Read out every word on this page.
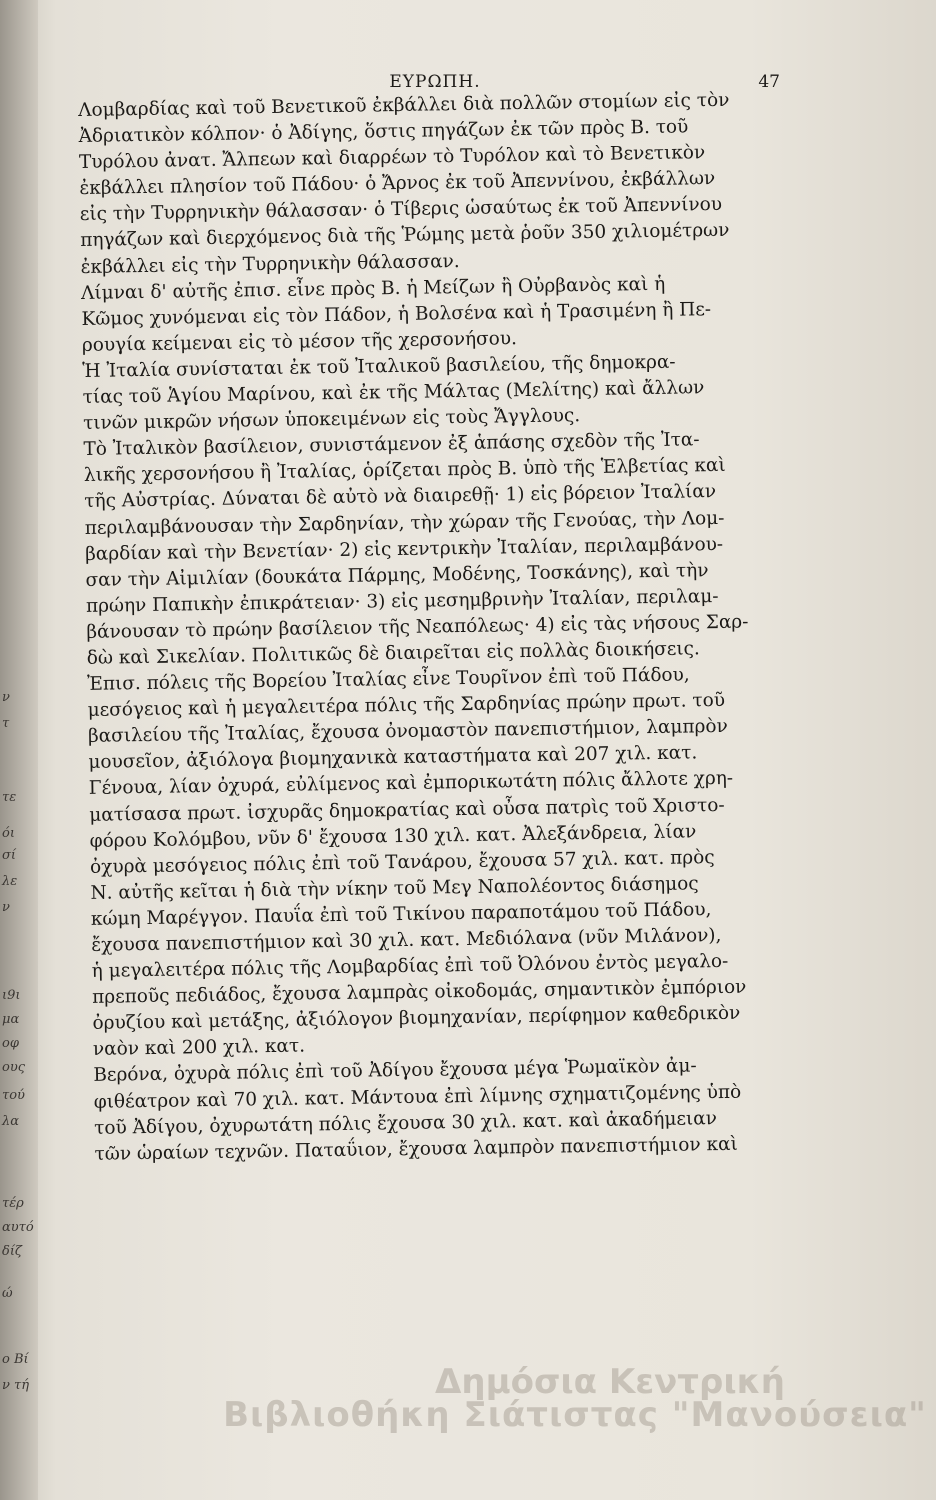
ν
τ
τε
όι
σί
λε
ν
ι9ι
μα
οφ
ους
τού
λα
τέρ
αυτό
δίζ
ώ
ο Βί
ν τή
ΕΥΡΩΠΗ.	47
Λομβαρδίας καὶ τοῦ Βενετικοῦ ἐκβάλλει διὰ πολλῶν στομίων εἰς τὸν
Ἀδριατικὸν κόλπον· ὁ Ἀδίγης, ὅστις πηγάζων ἐκ τῶν πρὸς Β. τοῦ
Τυρόλου ἀνατ. Ἄλπεων καὶ διαρρέων τὸ Τυρόλον καὶ τὸ Βενετικὸν
ἐκβάλλει πλησίον τοῦ Πάδου· ὁ Ἄρνος ἐκ τοῦ Ἀπεννίνου, ἐκβάλλων
εἰς τὴν Τυρρηνικὴν θάλασσαν· ὁ Τίβερις ὡσαύτως ἐκ τοῦ Ἀπεννίνου
πηγάζων καὶ διερχόμενος διὰ τῆς Ῥώμης μετὰ ῥοῦν 350 χιλιομέτρων
ἐκβάλλει εἰς τὴν Τυρρηνικὴν θάλασσαν.
Λίμναι δ' αὐτῆς ἐπισ. εἶνε πρὸς Β. ἡ Μείζων ἢ Οὐρβανὸς καὶ ἡ
Κῶμος χυνόμεναι εἰς τὸν Πάδον, ἡ Βολσένα καὶ ἡ Τρασιμένη ἢ Πε-
ρουγία κείμεναι εἰς τὸ μέσον τῆς χερσονήσου.
Ἡ Ἰταλία συνίσταται ἐκ τοῦ Ἰταλικοῦ βασιλείου, τῆς δημοκρα-
τίας τοῦ Ἁγίου Μαρίνου, καὶ ἐκ τῆς Μάλτας (Μελίτης) καὶ ἄλλων
τινῶν μικρῶν νήσων ὑποκειμένων εἰς τοὺς Ἄγγλους.
Τὸ Ἰταλικὸν βασίλειον, συνιστάμενον ἐξ ἁπάσης σχεδὸν τῆς Ἰτα-
λικῆς χερσονήσου ἢ Ἰταλίας, ὁρίζεται πρὸς Β. ὑπὸ τῆς Ἑλβετίας καὶ
τῆς Αὐστρίας. Δύναται δὲ αὐτὸ νὰ διαιρεθῇ· 1) εἰς βόρειον Ἰταλίαν
περιλαμβάνουσαν τὴν Σαρδηνίαν, τὴν χώραν τῆς Γενούας, τὴν Λομ-
βαρδίαν καὶ τὴν Βενετίαν· 2) εἰς κεντρικὴν Ἰταλίαν, περιλαμβάνου-
σαν τὴν Αἰμιλίαν (δουκάτα Πάρμης, Μοδένης, Τοσκάνης), καὶ τὴν
πρώην Παπικὴν ἐπικράτειαν· 3) εἰς μεσημβρινὴν Ἰταλίαν, περιλαμ-
βάνουσαν τὸ πρώην βασίλειον τῆς Νεαπόλεως· 4) εἰς τὰς νήσους Σαρ-
δὼ καὶ Σικελίαν. Πολιτικῶς δὲ διαιρεῖται εἰς πολλὰς διοικήσεις.
Ἐπισ. πόλεις τῆς Βορείου Ἰταλίας εἶνε Τουρῖνον ἐπὶ τοῦ Πάδου,
μεσόγειος καὶ ἡ μεγαλειτέρα πόλις τῆς Σαρδηνίας πρώην πρωτ. τοῦ
βασιλείου τῆς Ἰταλίας, ἔχουσα ὀνομαστὸν πανεπιστήμιον, λαμπρὸν
μουσεῖον, ἀξιόλογα βιομηχανικὰ καταστήματα καὶ 207 χιλ. κατ.
Γένουα, λίαν ὀχυρά, εὐλίμενος καὶ ἐμπορικωτάτη πόλις ἄλλοτε χρη-
ματίσασα πρωτ. ἰσχυρᾶς δημοκρατίας καὶ οὖσα πατρὶς τοῦ Χριστο-
φόρου Κολόμβου, νῦν δ' ἔχουσα 130 χιλ. κατ. Ἀλεξάνδρεια, λίαν
ὀχυρὰ μεσόγειος πόλις ἐπὶ τοῦ Τανάρου, ἔχουσα 57 χιλ. κατ. πρὸς
Ν. αὐτῆς κεῖται ἡ διὰ τὴν νίκην τοῦ Μεγ Ναπολέοντος διάσημος
κώμη Μαρέγγον. Παυΐα ἐπὶ τοῦ Τικίνου παραποτάμου τοῦ Πάδου,
ἔχουσα πανεπιστήμιον καὶ 30 χιλ. κατ. Μεδιόλανα (νῦν Μιλάνον),
ἡ μεγαλειτέρα πόλις τῆς Λομβαρδίας ἐπὶ τοῦ Ὀλόνου ἐντὸς μεγαλο-
πρεποῦς πεδιάδος, ἔχουσα λαμπρὰς οἰκοδομάς, σημαντικὸν ἐμπόριον
ὀρυζίου καὶ μετάξης, ἀξιόλογον βιομηχανίαν, περίφημον καθεδρικὸν
ναὸν καὶ 200 χιλ. κατ.
Βερόνα, ὀχυρὰ πόλις ἐπὶ τοῦ Ἀδίγου ἔχουσα μέγα Ῥωμαϊκὸν ἀμ-
φιθέατρον καὶ 70 χιλ. κατ. Μάντουα ἐπὶ λίμνης σχηματιζομένης ὑπὸ
τοῦ Ἀδίγου, ὀχυρωτάτη πόλις ἔχουσα 30 χιλ. κατ. καὶ ἀκαδήμειαν
τῶν ὡραίων τεχνῶν. Παταΰιον, ἔχουσα λαμπρὸν πανεπιστήμιον καὶ
Δημόσια Κεντρική
Βιβλιοθήκη Σιάτιστας "Μανούσεια"
